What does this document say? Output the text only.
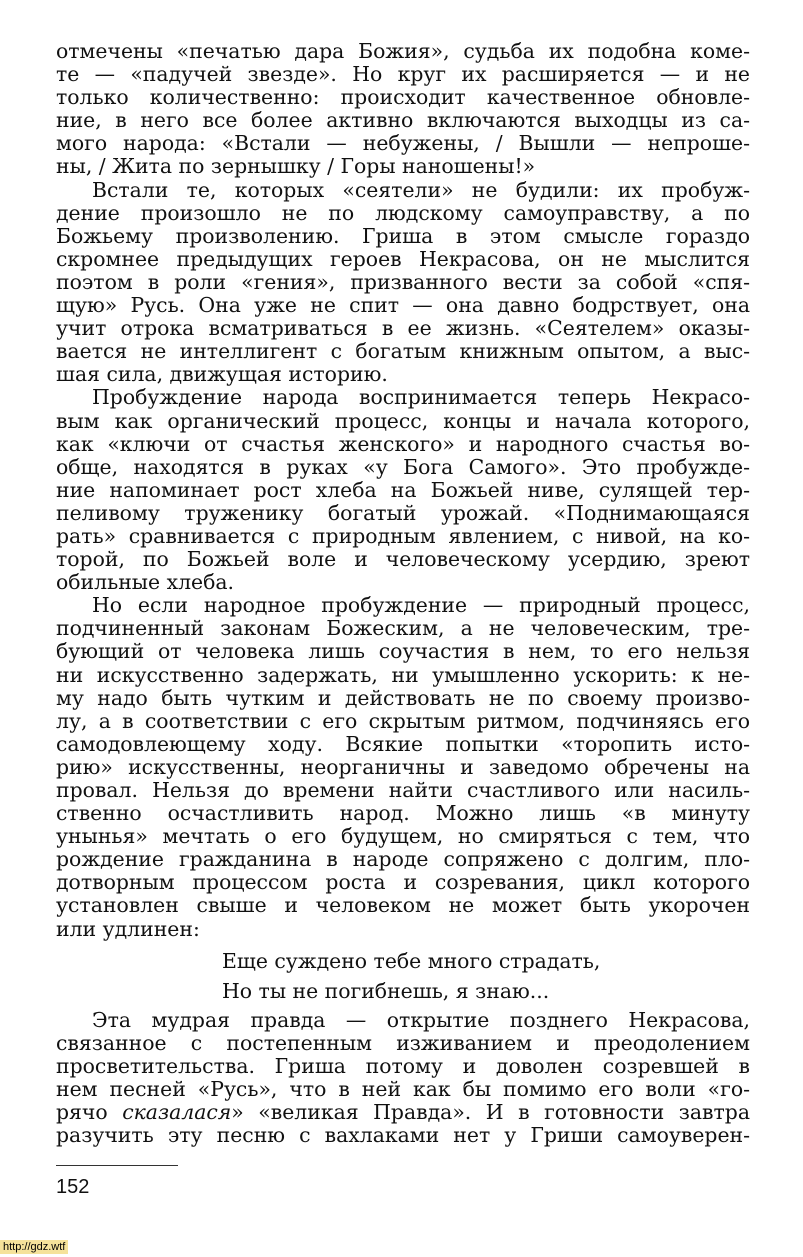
отмечены «печатью дара Божия», судьба их подобна коме-
те — «падучей звезде». Но круг их расширяется — и не
только количественно: происходит качественное обновле-
ние, в него все более активно включаются выходцы из са-
мого народа: «Встали — небужены, / Вышли — непроше-
ны, / Жита по зернышку / Горы наношены!»
Встали те, которых «сеятели» не будили: их пробуж-
дение произошло не по людскому самоуправству, а по
Божьему произволению. Гриша в этом смысле гораздо
скромнее предыдущих героев Некрасова, он не мыслится
поэтом в роли «гения», призванного вести за собой «спя-
щую» Русь. Она уже не спит — она давно бодрствует, она
учит отрока всматриваться в ее жизнь. «Сеятелем» оказы-
вается не интеллигент с богатым книжным опытом, а выс-
шая сила, движущая историю.
Пробуждение народа воспринимается теперь Некрасо-
вым как органический процесс, концы и начала которого,
как «ключи от счастья женского» и народного счастья во-
обще, находятся в руках «у Бога Самого». Это пробужде-
ние напоминает рост хлеба на Божьей ниве, сулящей тер-
пеливому труженику богатый урожай. «Поднимающаяся
рать» сравнивается с природным явлением, с нивой, на ко-
торой, по Божьей воле и человеческому усердию, зреют
обильные хлеба.
Но если народное пробуждение — природный процесс,
подчиненный законам Божеским, а не человеческим, тре-
бующий от человека лишь соучастия в нем, то его нельзя
ни искусственно задержать, ни умышленно ускорить: к не-
му надо быть чутким и действовать не по своему произво-
лу, а в соответствии с его скрытым ритмом, подчиняясь его
самодовлеющему ходу. Всякие попытки «торопить исто-
рию» искусственны, неорганичны и заведомо обречены на
провал. Нельзя до времени найти счастливого или насиль-
ственно осчастливить народ. Можно лишь «в минуту
унынья» мечтать о его будущем, но смиряться с тем, что
рождение гражданина в народе сопряжено с долгим, пло-
дотворным процессом роста и созревания, цикл которого
установлен свыше и человеком не может быть укорочен
или удлинен:
Еще суждено тебе много страдать,
Но ты не погибнешь, я знаю...
Эта мудрая правда — открытие позднего Некрасова,
связанное с постепенным изживанием и преодолением
просветительства. Гриша потому и доволен созревшей в
нем песней «Русь», что в ней как бы помимо его воли «го-
рячо сказалася» «великая Правда». И в готовности завтра
разучить эту песню с вахлаками нет у Гриши самоуверен-
152
http://gdz.wtf
